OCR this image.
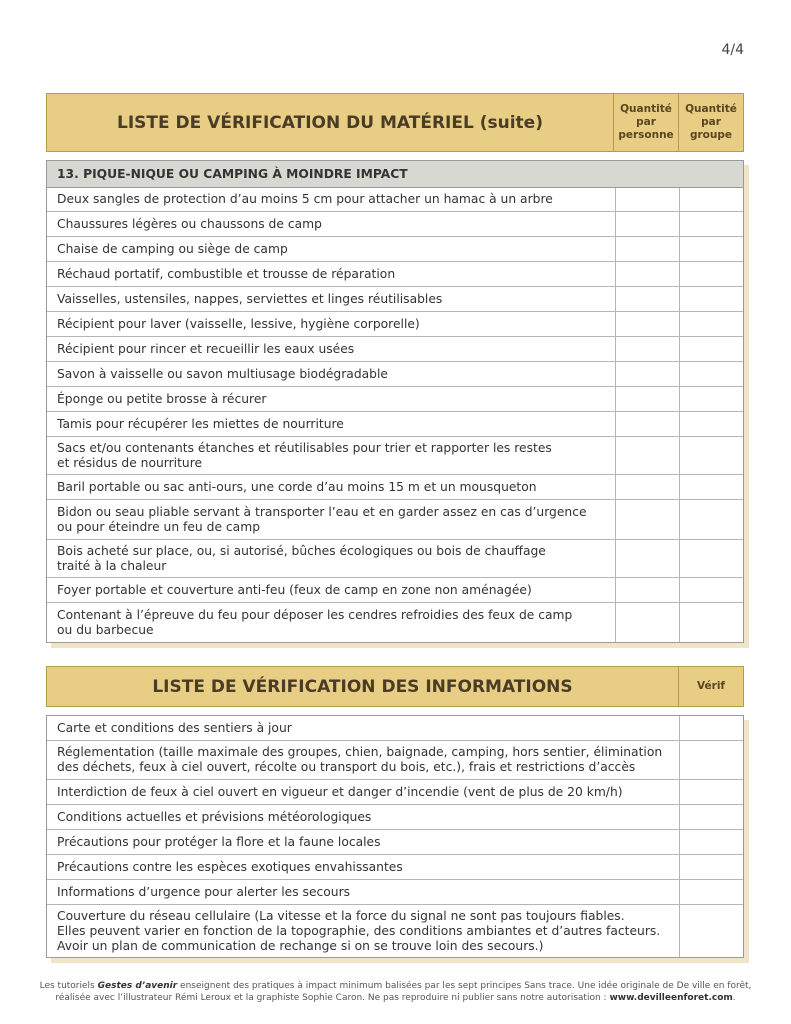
4/4
LISTE DE VÉRIFICATION DU MATÉRIEL (suite)
Quantité par personne
Quantité par groupe
13. PIQUE-NIQUE OU CAMPING À MOINDRE IMPACT
Deux sangles de protection d’au moins 5 cm pour attacher un hamac à un arbre
Chaussures légères ou chaussons de camp
Chaise de camping ou siège de camp
Réchaud portatif, combustible et trousse de réparation
Vaisselles, ustensiles, nappes, serviettes et linges réutilisables
Récipient pour laver (vaisselle, lessive, hygiène corporelle)
Récipient pour rincer et recueillir les eaux usées
Savon à vaisselle ou savon multiusage biodégradable
Éponge ou petite brosse à récurer
Tamis pour récupérer les miettes de nourriture
Sacs et/ou contenants étanches et réutilisables pour trier et rapporter les restes
et résidus de nourriture
Baril portable ou sac anti-ours, une corde d’au moins 15 m et un mousqueton
Bidon ou seau pliable servant à transporter l’eau et en garder assez en cas d’urgence
ou pour éteindre un feu de camp
Bois acheté sur place, ou, si autorisé, bûches écologiques ou bois de chauffage
traité à la chaleur
Foyer portable et couverture anti-feu (feux de camp en zone non aménagée)
Contenant à l’épreuve du feu pour déposer les cendres refroidies des feux de camp
ou du barbecue
LISTE DE VÉRIFICATION DES INFORMATIONS	Vérif
Carte et conditions des sentiers à jour
Réglementation (taille maximale des groupes, chien, baignade, camping, hors sentier, élimination
des déchets, feux à ciel ouvert, récolte ou transport du bois, etc.), frais et restrictions d’accès
Interdiction de feux à ciel ouvert en vigueur et danger d’incendie (vent de plus de 20 km/h)
Conditions actuelles et prévisions météorologiques
Précautions pour protéger la flore et la faune locales
Précautions contre les espèces exotiques envahissantes
Informations d’urgence pour alerter les secours
Couverture du réseau cellulaire (La vitesse et la force du signal ne sont pas toujours fiables.
Elles peuvent varier en fonction de la topographie, des conditions ambiantes et d’autres facteurs.
Avoir un plan de communication de rechange si on se trouve loin des secours.)
Les tutoriels Gestes d’avenir enseignent des pratiques à impact minimum balisées par les sept principes Sans trace. Une idée originale de De ville en forêt,
réalisée avec l’illustrateur Rémi Leroux et la graphiste Sophie Caron. Ne pas reproduire ni publier sans notre autorisation : www.devilleenforet.com.
